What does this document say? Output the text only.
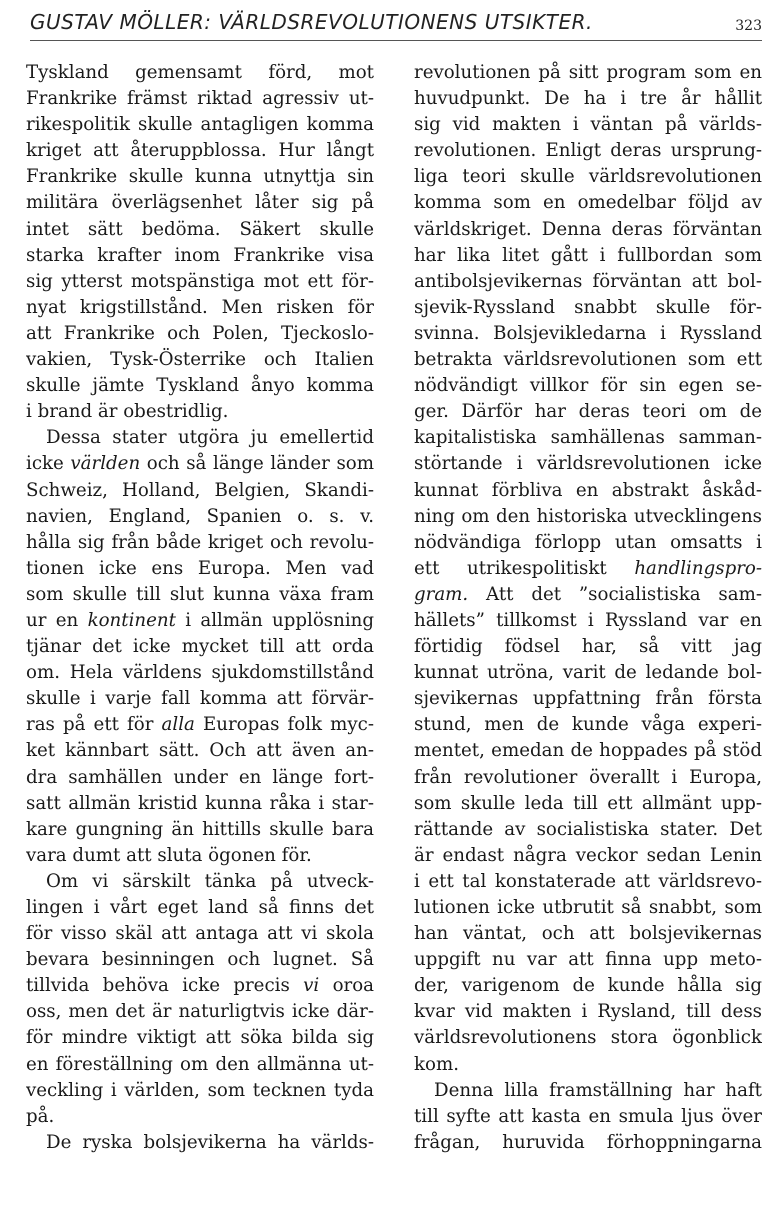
GUSTAV MÖLLER: VÄRLDSREVOLUTIONENS UTSIKTER.	323
Tyskland gemensamt förd, mot
Frankrike främst riktad agressiv ut-
rikespolitik skulle antagligen komma
kriget att återuppblossa. Hur långt
Frankrike skulle kunna utnyttja sin
militära överlägsenhet låter sig på
intet sätt bedöma. Säkert skulle
starka krafter inom Frankrike visa
sig ytterst motspänstiga mot ett för-
nyat krigstillstånd. Men risken för
att Frankrike och Polen, Tjeckoslo-
vakien, Tysk-Österrike och Italien
skulle jämte Tyskland ånyo komma
i brand är obestridlig.
Dessa stater utgöra ju emellertid
icke världen och så länge länder som
Schweiz, Holland, Belgien, Skandi-
navien, England, Spanien o. s. v.
hålla sig från både kriget och revolu-
tionen icke ens Europa. Men vad
som skulle till slut kunna växa fram
ur en kontinent i allmän upplösning
tjänar det icke mycket till att orda
om. Hela världens sjukdomstillstånd
skulle i varje fall komma att förvär-
ras på ett för alla Europas folk myc-
ket kännbart sätt. Och att även an-
dra samhällen under en länge fort-
satt allmän kristid kunna råka i star-
kare gungning än hittills skulle bara
vara dumt att sluta ögonen för.
Om vi särskilt tänka på utveck-
lingen i vårt eget land så finns det
för visso skäl att antaga att vi skola
bevara besinningen och lugnet. Så
tillvida behöva icke precis vi oroa
oss, men det är naturligtvis icke där-
för mindre viktigt att söka bilda sig
en föreställning om den allmänna ut-
veckling i världen, som tecknen tyda
på.
De ryska bolsjevikerna ha världs-
revolutionen på sitt program som en
huvudpunkt. De ha i tre år hållit
sig vid makten i väntan på världs-
revolutionen. Enligt deras ursprung-
liga teori skulle världsrevolutionen
komma som en omedelbar följd av
världskriget. Denna deras förväntan
har lika litet gått i fullbordan som
antibolsjevikernas förväntan att bol-
sjevik-Ryssland snabbt skulle för-
svinna. Bolsjevikledarna i Ryssland
betrakta världsrevolutionen som ett
nödvändigt villkor för sin egen se-
ger. Därför har deras teori om de
kapitalistiska samhällenas samman-
störtande i världsrevolutionen icke
kunnat förbliva en abstrakt åskåd-
ning om den historiska utvecklingens
nödvändiga förlopp utan omsatts i
ett utrikespolitiskt handlingspro-
gram. Att det ”socialistiska sam-
hällets” tillkomst i Ryssland var en
förtidig födsel har, så vitt jag
kunnat utröna, varit de ledande bol-
sjevikernas uppfattning från första
stund, men de kunde våga experi-
mentet, emedan de hoppades på stöd
från revolutioner överallt i Europa,
som skulle leda till ett allmänt upp-
rättande av socialistiska stater. Det
är endast några veckor sedan Lenin
i ett tal konstaterade att världsrevo-
lutionen icke utbrutit så snabbt, som
han väntat, och att bolsjevikernas
uppgift nu var att finna upp meto-
der, varigenom de kunde hålla sig
kvar vid makten i Rysland, till dess
världsrevolutionens stora ögonblick
kom.
Denna lilla framställning har haft
till syfte att kasta en smula ljus över
frågan, huruvida förhoppningarna
